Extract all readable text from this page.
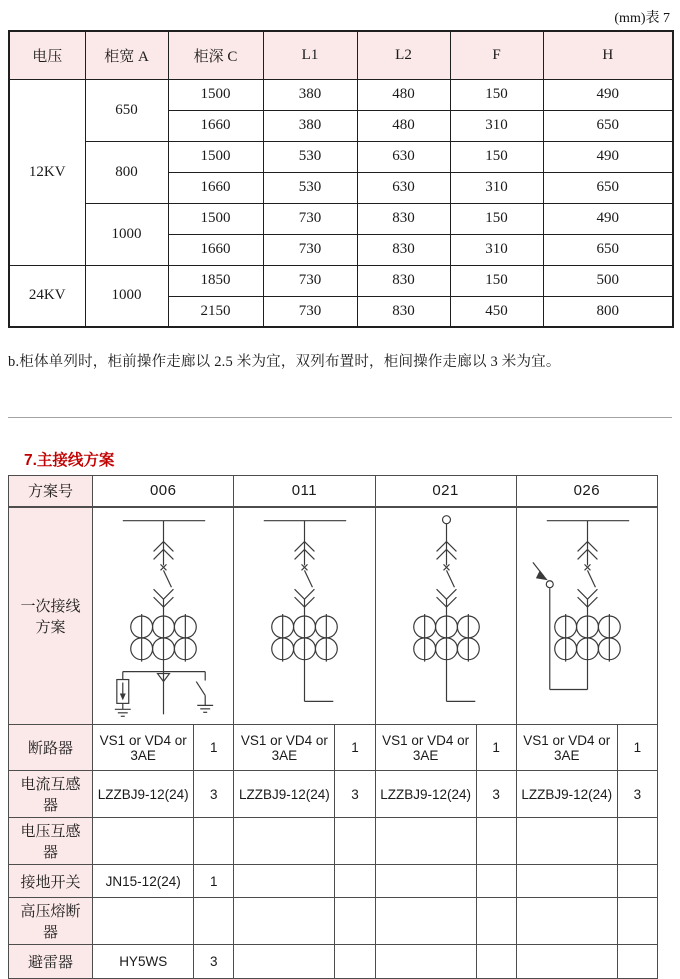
(mm)表 7
电压	柜宽 A	柜深 C	L1	L2	F	H
12KV	650	1500	380	480	150	490
		1660	380	480	310	650
	800	1500	530	630	150	490
		1660	530	630	310	650
	1000	1500	730	830	150	490
		1660	730	830	310	650
24KV	1000	1850	730	830	150	500
		2150	730	830	450	800

b.柜体单列时，柜前操作走廊以 2.5 米为宜，双列布置时，柜间操作走廊以 3 米为宜。

7.主接线方案
方案号	006		011		021		026	
一次接线方案	

断路器	VS1 or VD4 or 3AE	1	VS1 or VD4 or 3AE	1	VS1 or VD4 or 3AE	1	VS1 or VD4 or 3AE	1
电流互感器	LZZBJ9-12(24)	3	LZZBJ9-12(24)	3	LZZBJ9-12(24)	3	LZZBJ9-12(24)	3
电压互感器								
接地开关	JN15-12(24)	1						
高压熔断器								
避雷器	HY5WS	3						
